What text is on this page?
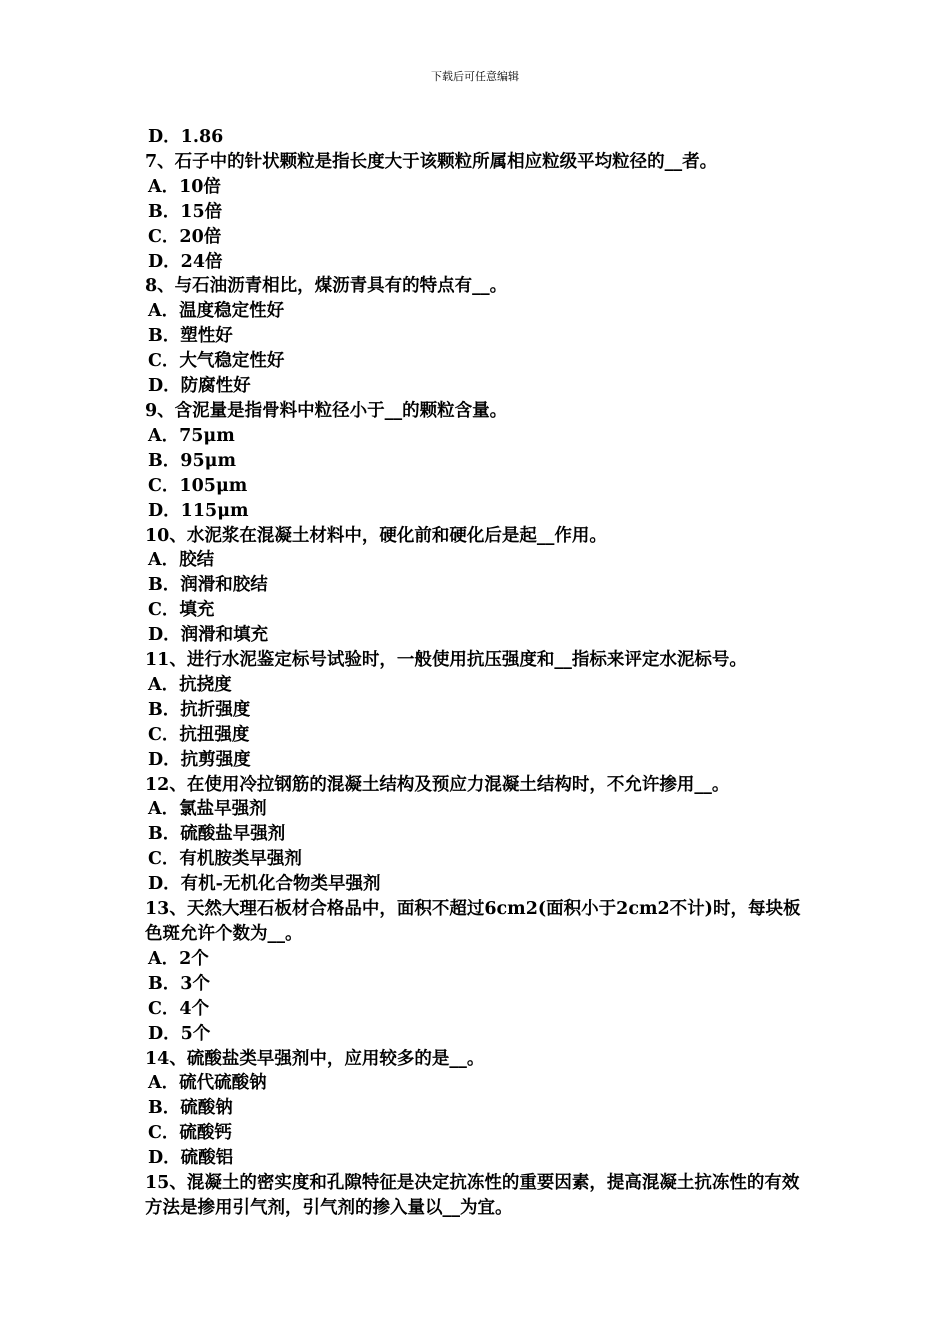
下载后可任意编辑
D．1.86
7、石子中的针状颗粒是指长度大于该颗粒所属相应粒级平均粒径的__者。
A．10倍
B．15倍
C．20倍
D．24倍
8、与石油沥青相比，煤沥青具有的特点有__。
A．温度稳定性好
B．塑性好
C．大气稳定性好
D．防腐性好
9、含泥量是指骨料中粒径小于__的颗粒含量。
A．75μm
B．95μm
C．105μm
D．115μm
10、水泥浆在混凝土材料中，硬化前和硬化后是起__作用。
A．胶结
B．润滑和胶结
C．填充
D．润滑和填充
11、进行水泥鉴定标号试验时，一般使用抗压强度和__指标来评定水泥标号。
A．抗挠度
B．抗折强度
C．抗扭强度
D．抗剪强度
12、在使用冷拉钢筋的混凝土结构及预应力混凝土结构时，不允许掺用__。
A．氯盐早强剂
B．硫酸盐早强剂
C．有机胺类早强剂
D．有机-无机化合物类早强剂
13、天然大理石板材合格品中，面积不超过6cm2(面积小于2cm2不计)时，每块板色斑允许个数为__。
A．2个
B．3个
C．4个
D．5个
14、硫酸盐类早强剂中，应用较多的是__。
A．硫代硫酸钠
B．硫酸钠
C．硫酸钙
D．硫酸铝
15、混凝土的密实度和孔隙特征是决定抗冻性的重要因素，提高混凝土抗冻性的有效方法是掺用引气剂，引气剂的掺入量以__为宜。
